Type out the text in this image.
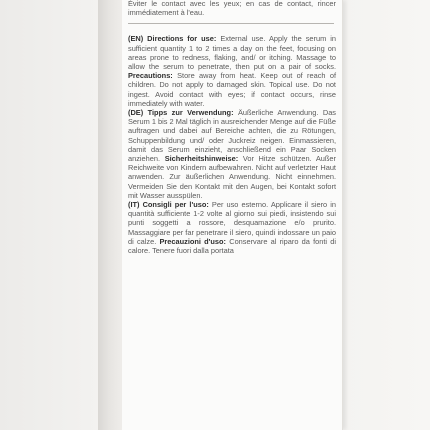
Éviter le contact avec les yeux; en cas de contact, rincer immédiatement à l'eau.

(EN) Directions for use: External use. Apply the serum in sufficient quantity 1 to 2 times a day on the feet, focusing on areas prone to redness, flaking, and/ or itching. Massage to allow the serum to penetrate, then put on a pair of socks. Precautions: Store away from heat. Keep out of reach of children. Do not apply to damaged skin. Topical use. Do not ingest. Avoid contact with eyes; if contact occurs, rinse immediately with water.

(DE) Tipps zur Verwendung: Äußerliche Anwendung. Das Serum 1 bis 2 Mal täglich in ausreichender Menge auf die Füße auftragen und dabei auf Bereiche achten, die zu Rötungen, Schuppenbildung und/ oder Juckreiz neigen. Einmassieren, damit das Serum einzieht, anschließend ein Paar Socken anziehen. Sicherheitshinweise: Vor Hitze schützen. Außer Reichweite von Kindern aufbewahren. Nicht auf verletzter Haut anwenden. Zur äußerlichen Anwendung. Nicht einnehmen. Vermeiden Sie den Kontakt mit den Augen, bei Kontakt sofort mit Wasser ausspülen.

(IT) Consigli per l'uso: Per uso esterno. Applicare il siero in quantità sufficiente 1-2 volte al giorno sui piedi, insistendo sui punti soggetti a rossore, desquamazione e/o prurito. Massaggiare per far penetrare il siero, quindi indossare un paio di calze. Precauzioni d'uso: Conservare al riparo da fonti di calore. Tenere fuori dalla portata
